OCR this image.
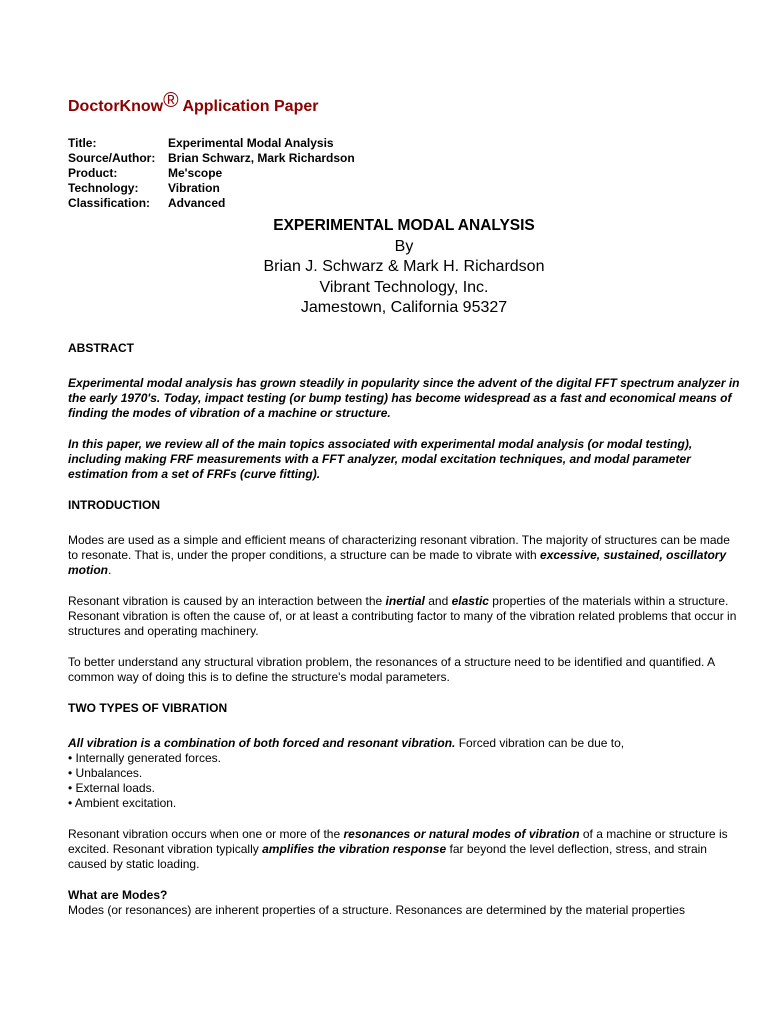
DoctorKnow® Application Paper
Title:	Experimental Modal Analysis
Source/Author:	Brian Schwarz, Mark Richardson
Product:	Me'scope
Technology:	Vibration
Classification:	Advanced
EXPERIMENTAL MODAL ANALYSIS
By
Brian J. Schwarz & Mark H. Richardson
Vibrant Technology, Inc.
Jamestown, California 95327
ABSTRACT

Experimental modal analysis has grown steadily in popularity since the advent of the digital FFT spectrum analyzer in the early 1970's. Today, impact testing (or bump testing) has become widespread as a fast and economical means of finding the modes of vibration of a machine or structure.

In this paper, we review all of the main topics associated with experimental modal analysis (or modal testing), including making FRF measurements with a FFT analyzer, modal excitation techniques, and modal parameter estimation from a set of FRFs (curve fitting).

INTRODUCTION

Modes are used as a simple and efficient means of characterizing resonant vibration. The majority of structures can be made to resonate. That is, under the proper conditions, a structure can be made to vibrate with excessive, sustained, oscillatory motion.

Resonant vibration is caused by an interaction between the inertial and elastic properties of the materials within a structure. Resonant vibration is often the cause of, or at least a contributing factor to many of the vibration related problems that occur in structures and operating machinery.

To better understand any structural vibration problem, the resonances of a structure need to be identified and quantified. A common way of doing this is to define the structure's modal parameters.

TWO TYPES OF VIBRATION
All vibration is a combination of both forced and resonant vibration. Forced vibration can be due to,
• Internally generated forces.
• Unbalances.
• External loads.
• Ambient excitation.

Resonant vibration occurs when one or more of the resonances or natural modes of vibration of a machine or structure is excited. Resonant vibration typically amplifies the vibration response far beyond the level deflection, stress, and strain caused by static loading.

What are Modes?
Modes (or resonances) are inherent properties of a structure. Resonances are determined by the material properties
